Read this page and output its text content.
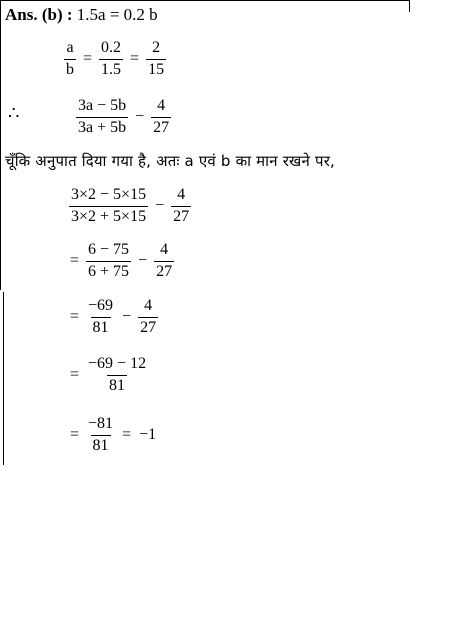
Ans. (b) : 1.5a = 0.2 b
$\frac{a}{b} = \frac{0.2}{1.5} = \frac{2}{15}$
∴	$\frac{3a - 5b}{3a + 5b} - \frac{4}{27}$
चूँकि अनुपात दिया गया है, अतः a एवं b का मान रखने पर,
$\frac{3\times 2 - 5\times 15}{3\times 2 + 5\times 15} - \frac{4}{27}$
= $\frac{6 - 75}{6 + 75} - \frac{4}{27}$
= $\frac{-69}{81} - \frac{4}{27}$
= $\frac{-69 - 12}{81}$
= $\frac{-81}{81} = -1$
